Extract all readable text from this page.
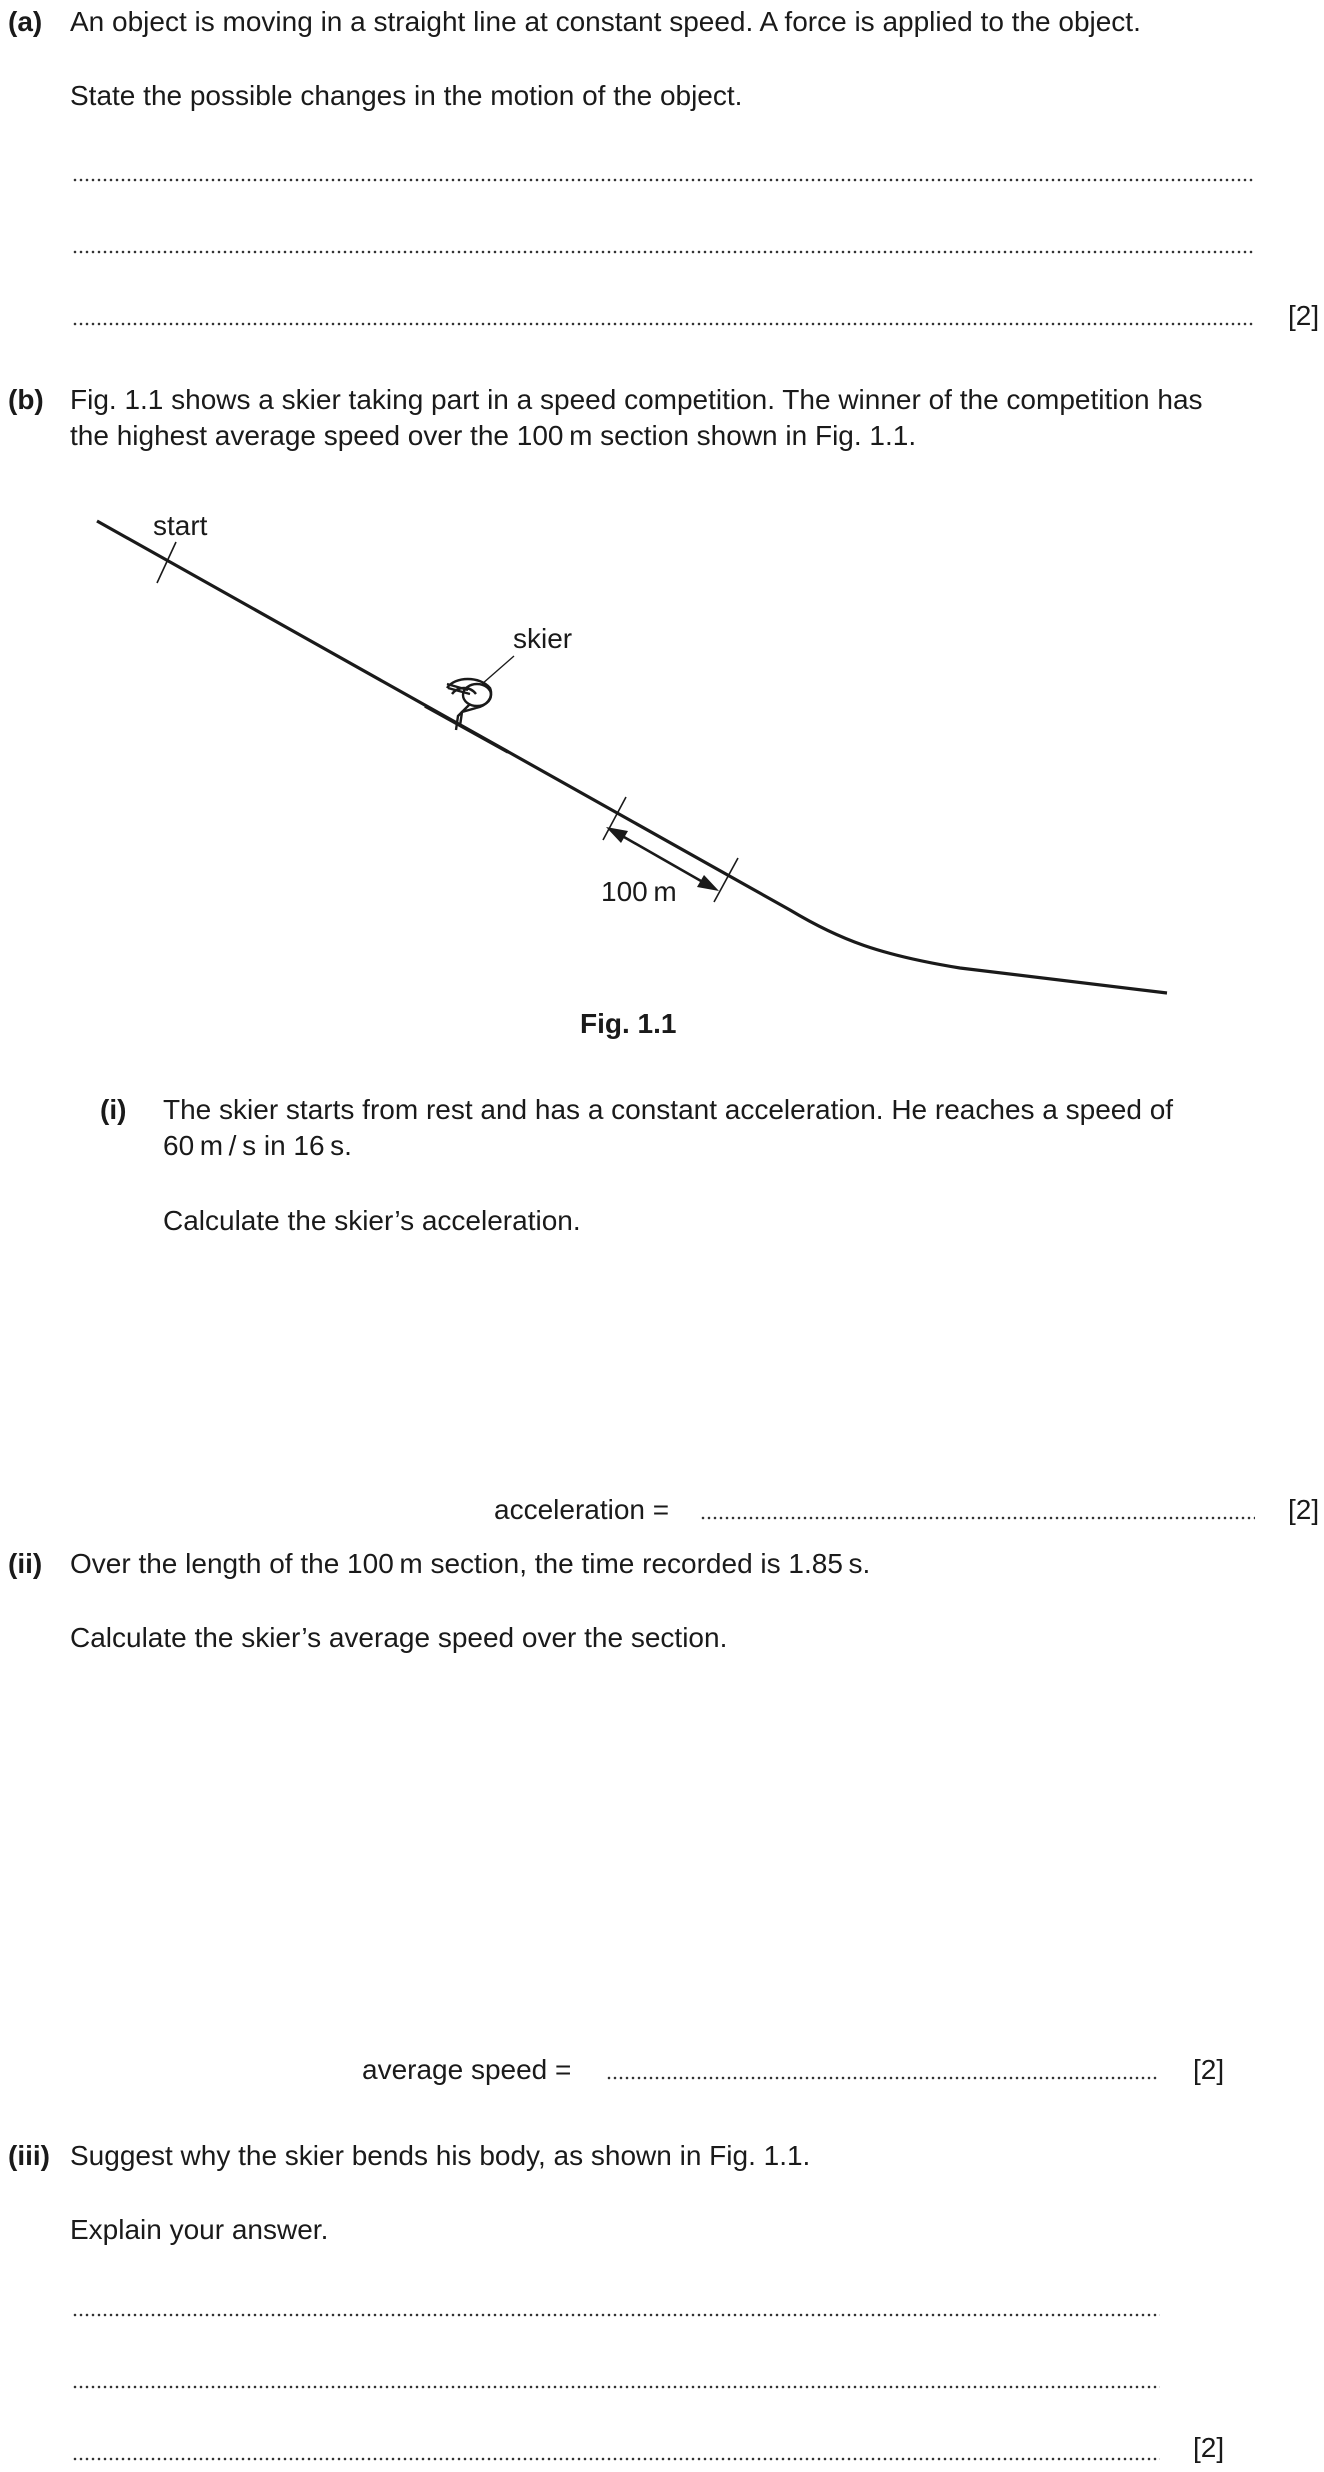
(a) An object is moving in a straight line at constant speed. A force is applied to the object.
State the possible changes in the motion of the object.
[2]
(b) Fig. 1.1 shows a skier taking part in a speed competition. The winner of the competition has
the highest average speed over the 100 m section shown in Fig. 1.1.
start
skier
100 m
Fig. 1.1
(i) The skier starts from rest and has a constant acceleration. He reaches a speed of
60 m / s in 16 s.
Calculate the skier’s acceleration.
acceleration =	[2]
(ii) Over the length of the 100 m section, the time recorded is 1.85 s.
Calculate the skier’s average speed over the section.
average speed =	[2]
(iii) Suggest why the skier bends his body, as shown in Fig. 1.1.
Explain your answer.
[2]
